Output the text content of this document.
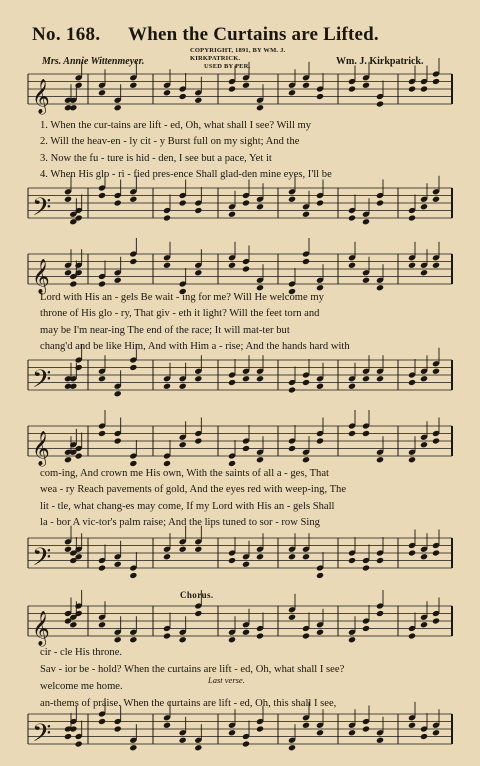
No. 168. When the Curtains are Lifted.
COPYRIGHT, 1891, BY WM. J. KIRKPATRICK.
USED BY PER.
Mrs. Annie Wittenmeyer.	Wm. J. Kirkpatrick.
𝄞
1. When the cur-tains are lift - ed, Oh, what shall I see? Will my
2. Will the heav-en - ly cit - y Burst full on my sight; And the
3. Now the fu - ture is hid - den, I see but a pace, Yet it
4. When His glo - ri - fied pres-ence Shall glad-den mine eyes, I'll be
𝄢
𝄞
Lord with His an - gels Be wait - ing for me? Will He welcome my
throne of His glo - ry, That giv - eth it light? Will the feet torn and
may be I'm near-ing The end of the race; It will mat-ter but
chang'd and be like Him, And with Him a - rise; And the hands hard with
𝄢
𝄞
com-ing, And crown me His own, With the saints of all a - ges, That
wea - ry Reach pavements of gold, And the eyes red with weep-ing, The
lit - tle, what chang-es may come, If my Lord with His an - gels Shall
la - bor A vic-tor's palm raise; And the lips tuned to sor - row Sing
𝄢
Chorus.
𝄞
cir - cle His throne.
Sav - ior be - hold? When the curtains are lift - ed, Oh, what shall I see?
welcome me home.
an-thems of praise. When the curtains are lift - ed, Oh, this shall I see,
Last verse.
𝄢
